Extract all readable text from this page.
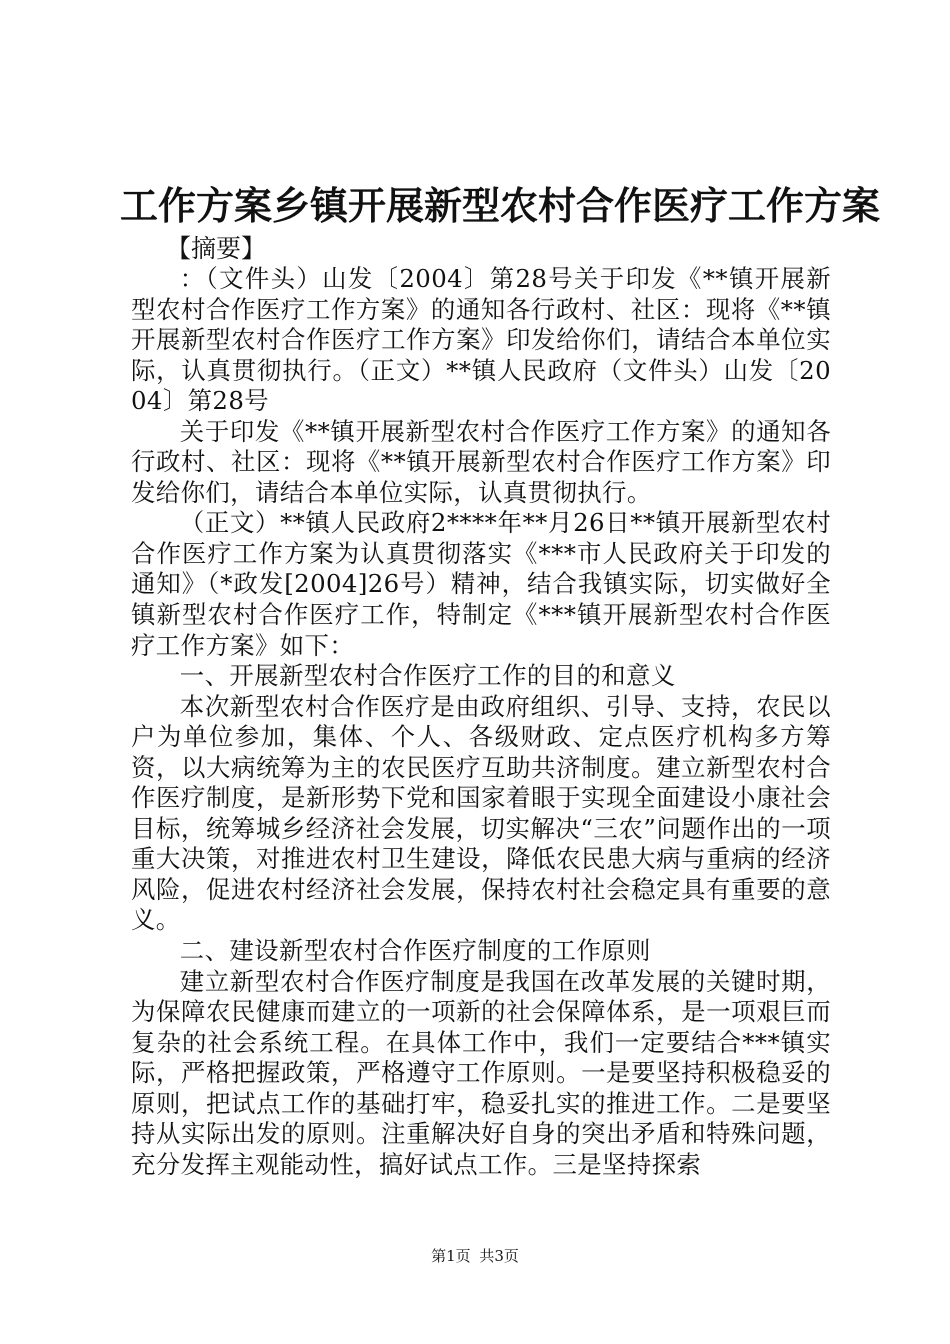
工作方案乡镇开展新型农村合作医疗工作方案
【摘要】

：（文件头）山发〔2004〕第28号关于印发《**镇开展新型农村合作医疗工作方案》的通知各行政村、社区：现将《**镇开展新型农村合作医疗工作方案》印发给你们，请结合本单位实际，认真贯彻执行。（正文）**镇人民政府（文件头）山发〔2004〕第28号

关于印发《**镇开展新型农村合作医疗工作方案》的通知各行政村、社区：现将《**镇开展新型农村合作医疗工作方案》印发给你们，请结合本单位实际，认真贯彻执行。

（正文）**镇人民政府2****年**月26日**镇开展新型农村合作医疗工作方案为认真贯彻落实《***市人民政府关于印发的通知》（*政发[2004]26号）精神，结合我镇实际，切实做好全镇新型农村合作医疗工作，特制定《***镇开展新型农村合作医疗工作方案》如下：

一、开展新型农村合作医疗工作的目的和意义

本次新型农村合作医疗是由政府组织、引导、支持，农民以户为单位参加，集体、个人、各级财政、定点医疗机构多方筹资，以大病统筹为主的农民医疗互助共济制度。建立新型农村合作医疗制度，是新形势下党和国家着眼于实现全面建设小康社会目标，统筹城乡经济社会发展，切实解决“三农”问题作出的一项重大决策，对推进农村卫生建设，降低农民患大病与重病的经济风险，促进农村经济社会发展，保持农村社会稳定具有重要的意义。

二、建设新型农村合作医疗制度的工作原则

建立新型农村合作医疗制度是我国在改革发展的关键时期，为保障农民健康而建立的一项新的社会保障体系，是一项艰巨而复杂的社会系统工程。在具体工作中，我们一定要结合***镇实际，严格把握政策，严格遵守工作原则。一是要坚持积极稳妥的原则，把试点工作的基础打牢，稳妥扎实的推进工作。二是要坚持从实际出发的原则。注重解决好自身的突出矛盾和特殊问题，充分发挥主观能动性，搞好试点工作。三是坚持探索

第1页 共3页
